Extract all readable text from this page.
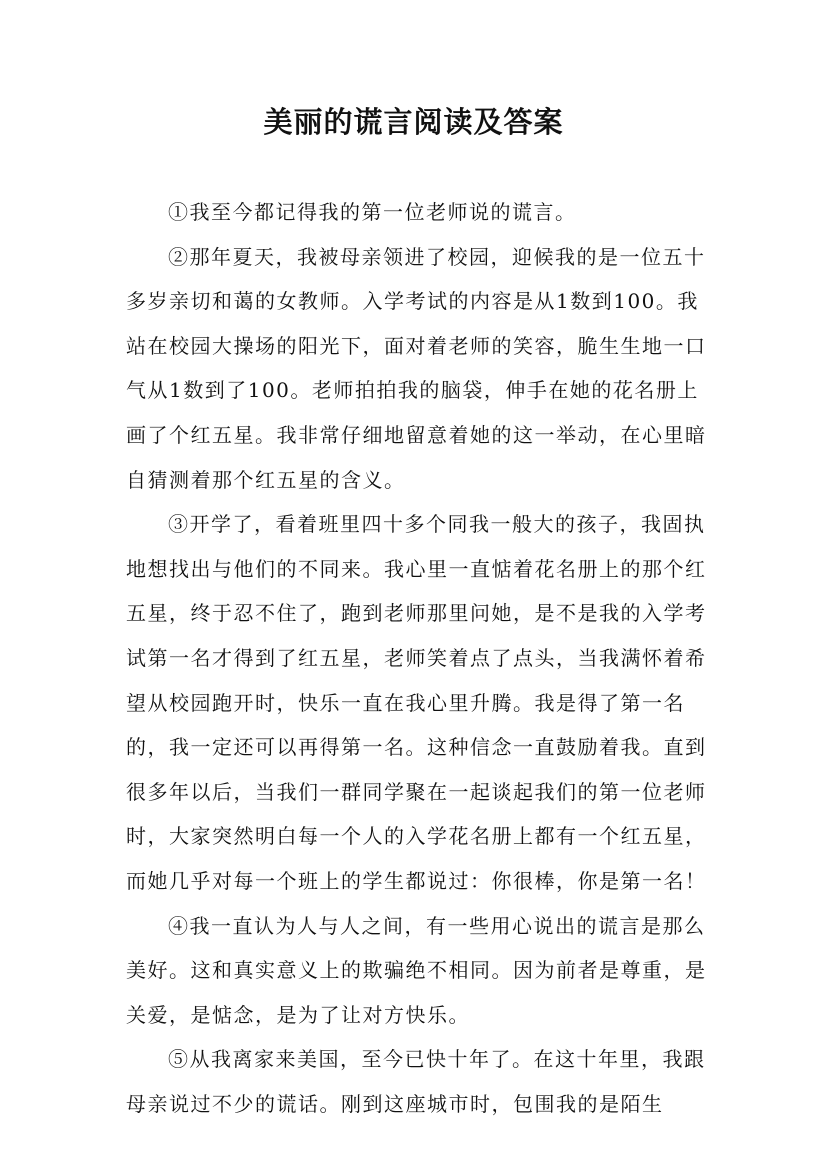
美丽的谎言阅读及答案

①我至今都记得我的第一位老师说的谎言。

②那年夏天，我被母亲领进了校园，迎候我的是一位五十多岁亲切和蔼的女教师。入学考试的内容是从1数到100。我站在校园大操场的阳光下，面对着老师的笑容，脆生生地一口气从1数到了100。老师拍拍我的脑袋，伸手在她的花名册上画了个红五星。我非常仔细地留意着她的这一举动，在心里暗自猜测着那个红五星的含义。

③开学了，看着班里四十多个同我一般大的孩子，我固执地想找出与他们的不同来。我心里一直惦着花名册上的那个红五星，终于忍不住了，跑到老师那里问她，是不是我的入学考试第一名才得到了红五星，老师笑着点了点头，当我满怀着希望从校园跑开时，快乐一直在我心里升腾。我是得了第一名的，我一定还可以再得第一名。这种信念一直鼓励着我。直到很多年以后，当我们一群同学聚在一起谈起我们的第一位老师时，大家突然明白每一个人的入学花名册上都有一个红五星，而她几乎对每一个班上的学生都说过：你很棒，你是第一名！

④我一直认为人与人之间，有一些用心说出的谎言是那么美好。这和真实意义上的欺骗绝不相同。因为前者是尊重，是关爱，是惦念，是为了让对方快乐。

⑤从我离家来美国，至今已快十年了。在这十年里，我跟母亲说过不少的谎话。刚到这座城市时，包围我的是陌生
